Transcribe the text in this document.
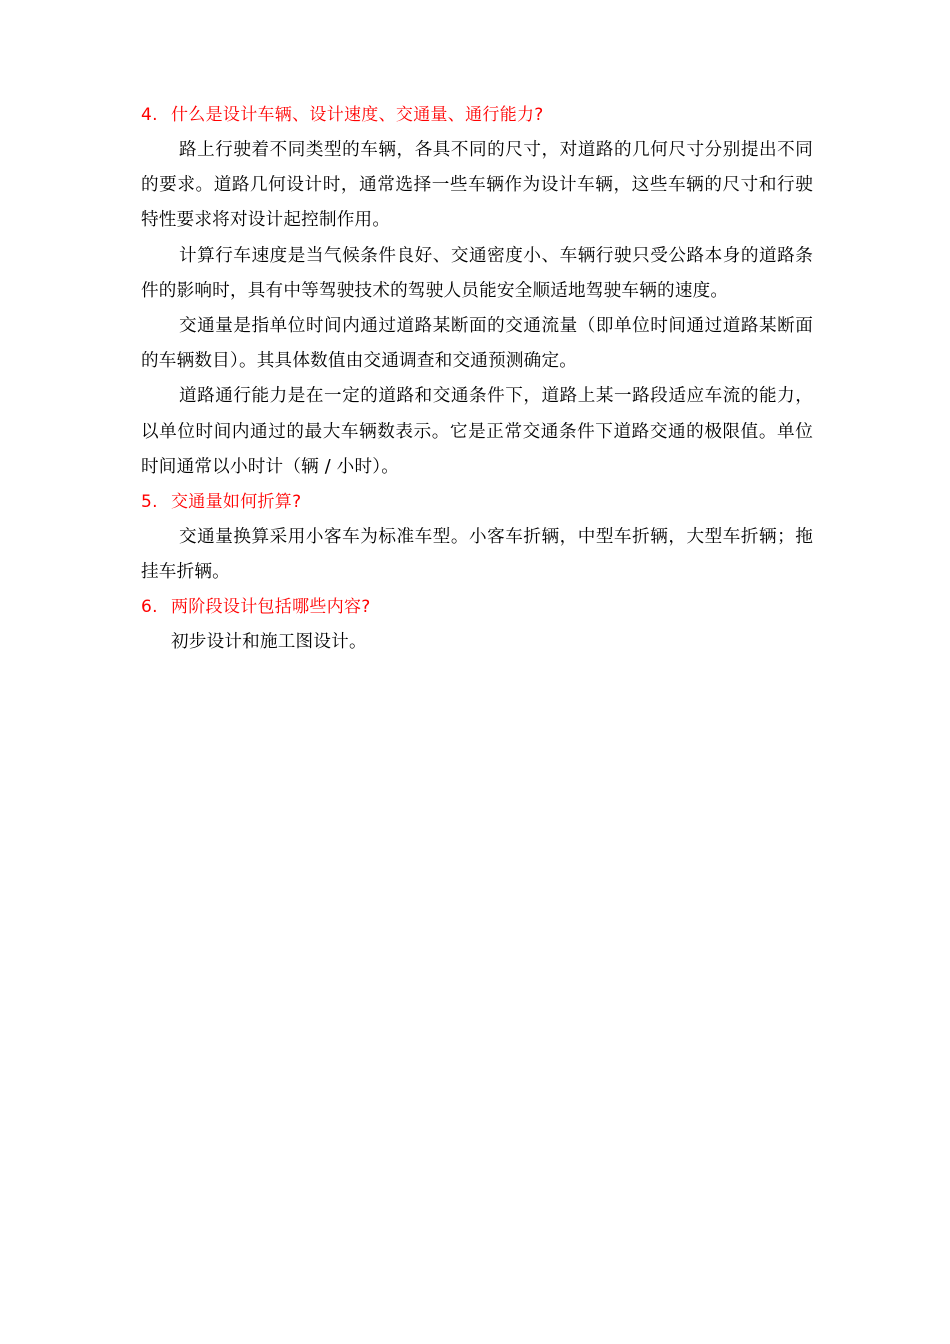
4. 什么是设计车辆、设计速度、交通量、通行能力?

路上行驶着不同类型的车辆，各具不同的尺寸，对道路的几何尺寸分别提出不同的要求。道路几何设计时，通常选择一些车辆作为设计车辆，这些车辆的尺寸和行驶特性要求将对设计起控制作用。

计算行车速度是当气候条件良好、交通密度小、车辆行驶只受公路本身的道路条件的影响时，具有中等驾驶技术的驾驶人员能安全顺适地驾驶车辆的速度。

交通量是指单位时间内通过道路某断面的交通流量（即单位时间通过道路某断面的车辆数目）。其具体数值由交通调查和交通预测确定。

道路通行能力是在一定的道路和交通条件下，道路上某一路段适应车流的能力，以单位时间内通过的最大车辆数表示。它是正常交通条件下道路交通的极限值。单位时间通常以小时计（辆 / 小时）。

5. 交通量如何折算?

交通量换算采用小客车为标准车型。小客车折辆，中型车折辆，大型车折辆；拖挂车折辆。

6. 两阶段设计包括哪些内容?

初步设计和施工图设计。
